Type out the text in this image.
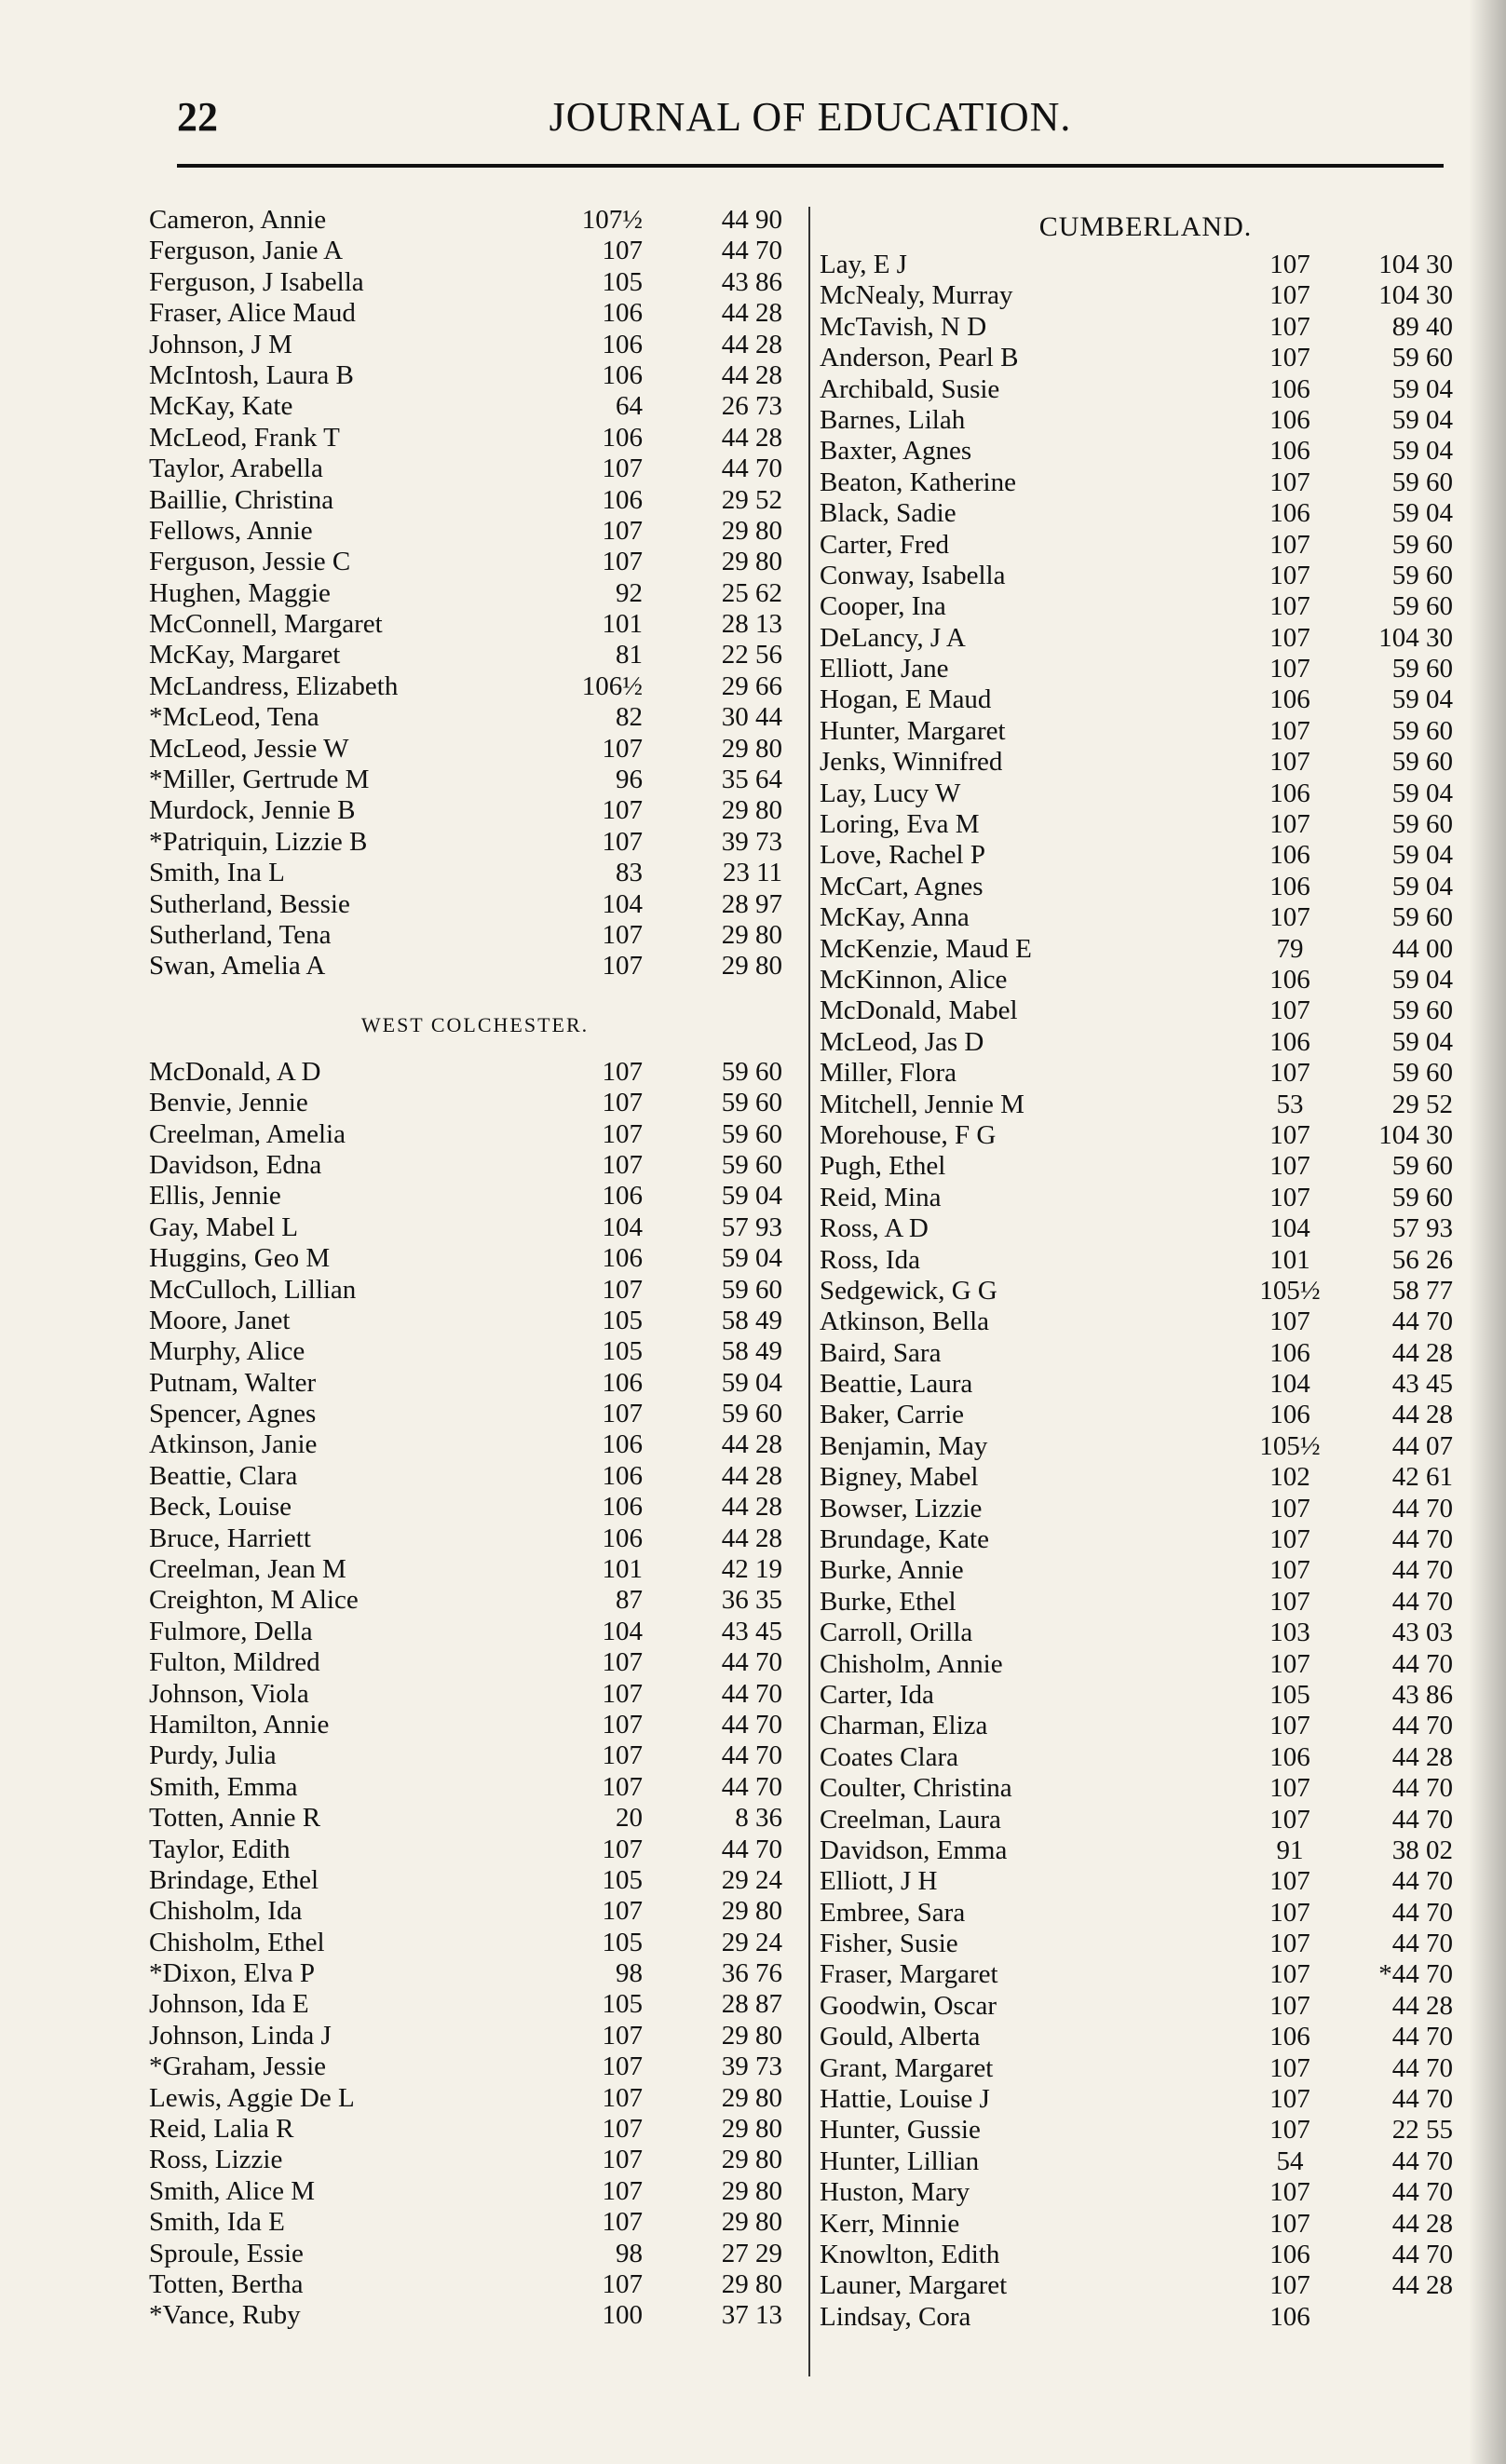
JOURNAL OF EDUCATION.
22
Cameron, Annie	107½	44 90
Ferguson, Janie A	107	44 70
Ferguson, J Isabella	105	43 86
Fraser, Alice Maud	106	44 28
Johnson, J M	106	44 28
McIntosh, Laura B	106	44 28
McKay, Kate	64	26 73
McLeod, Frank T	106	44 28
Taylor, Arabella	107	44 70
Baillie, Christina	106	29 52
Fellows, Annie	107	29 80
Ferguson, Jessie C	107	29 80
Hughen, Maggie	92	25 62
McConnell, Margaret	101	28 13
McKay, Margaret	81	22 56
McLandress, Elizabeth	106½	29 66
*McLeod, Tena	82	30 44
McLeod, Jessie W	107	29 80
*Miller, Gertrude M	96	35 64
Murdock, Jennie B	107	29 80
*Patriquin, Lizzie B	107	39 73
Smith, Ina L	83	23 11
Sutherland, Bessie	104	28 97
Sutherland, Tena	107	29 80
Swan, Amelia A	107	29 80
WEST COLCHESTER.
McDonald, A D	107	59 60
Benvie, Jennie	107	59 60
Creelman, Amelia	107	59 60
Davidson, Edna	107	59 60
Ellis, Jennie	106	59 04
Gay, Mabel L	104	57 93
Huggins, Geo M	106	59 04
McCulloch, Lillian	107	59 60
Moore, Janet	105	58 49
Murphy, Alice	105	58 49
Putnam, Walter	106	59 04
Spencer, Agnes	107	59 60
Atkinson, Janie	106	44 28
Beattie, Clara	106	44 28
Beck, Louise	106	44 28
Bruce, Harriett	106	44 28
Creelman, Jean M	101	42 19
Creighton, M Alice	87	36 35
Fulmore, Della	104	43 45
Fulton, Mildred	107	44 70
Johnson, Viola	107	44 70
Hamilton, Annie	107	44 70
Purdy, Julia	107	44 70
Smith, Emma	107	44 70
Totten, Annie R	20	8 36
Taylor, Edith	107	44 70
Brindage, Ethel	105	29 24
Chisholm, Ida	107	29 80
Chisholm, Ethel	105	29 24
*Dixon, Elva P	98	36 76
Johnson, Ida E	105	28 87
Johnson, Linda J	107	29 80
*Graham, Jessie	107	39 73
Lewis, Aggie De L	107	29 80
Reid, Lalia R	107	29 80
Ross, Lizzie	107	29 80
Smith, Alice M	107	29 80
Smith, Ida E	107	29 80
Sproule, Essie	98	27 29
Totten, Bertha	107	29 80
*Vance, Ruby	100	37 13
CUMBERLAND.
Lay, E J	107	104 30
McNealy, Murray	107	104 30
McTavish, N D	107	89 40
Anderson, Pearl B	107	59 60
Archibald, Susie	106	59 04
Barnes, Lilah	106	59 04
Baxter, Agnes	106	59 04
Beaton, Katherine	107	59 60
Black, Sadie	106	59 04
Carter, Fred	107	59 60
Conway, Isabella	107	59 60
Cooper, Ina	107	59 60
DeLancy, J A	107	104 30
Elliott, Jane	107	59 60
Hogan, E Maud	106	59 04
Hunter, Margaret	107	59 60
Jenks, Winnifred	107	59 60
Lay, Lucy W	106	59 04
Loring, Eva M	107	59 60
Love, Rachel P	106	59 04
McCart, Agnes	106	59 04
McKay, Anna	107	59 60
McKenzie, Maud E	79	44 00
McKinnon, Alice	106	59 04
McDonald, Mabel	107	59 60
McLeod, Jas D	106	59 04
Miller, Flora	107	59 60
Mitchell, Jennie M	53	29 52
Morehouse, F G	107	104 30
Pugh, Ethel	107	59 60
Reid, Mina	107	59 60
Ross, A D	104	57 93
Ross, Ida	101	56 26
Sedgewick, G G	105½	58 77
Atkinson, Bella	107	44 70
Baird, Sara	106	44 28
Beattie, Laura	104	43 45
Baker, Carrie	106	44 28
Benjamin, May	105½	44 07
Bigney, Mabel	102	42 61
Bowser, Lizzie	107	44 70
Brundage, Kate	107	44 70
Burke, Annie	107	44 70
Burke, Ethel	107	44 70
Carroll, Orilla	103	43 03
Chisholm, Annie	107	44 70
Carter, Ida	105	43 86
Charman, Eliza	107	44 70
Coates Clara	106	44 28
Coulter, Christina	107	44 70
Creelman, Laura	107	44 70
Davidson, Emma	91	38 02
Elliott, J H	107	44 70
Embree, Sara	107	44 70
Fisher, Susie	107	44 70
Fraser, Margaret	107	*44 70
Goodwin, Oscar	107	44 28
Gould, Alberta	106	44 70
Grant, Margaret	107	44 70
Hattie, Louise J	107	44 70
Hunter, Gussie	107	22 55
Hunter, Lillian	54	44 70
Huston, Mary	107	44 70
Kerr, Minnie	107	44 28
Knowlton, Edith	106	44 70
Launer, Margaret	107	44 28
Lindsay, Cora	106
